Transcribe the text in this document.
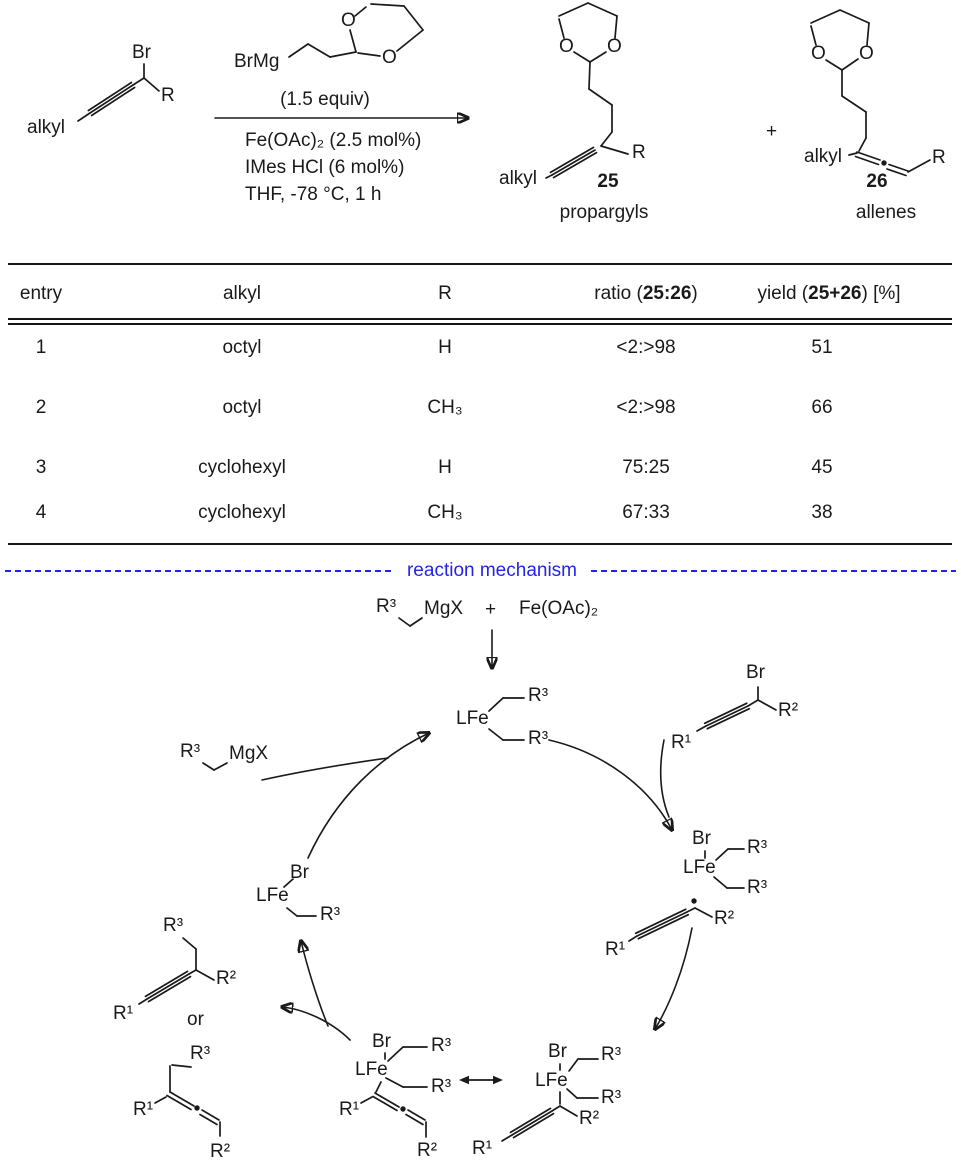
alkyl
Br
R
BrMg
O
O
(1.5 equiv)
Fe(OAc)₂ (2.5 mol%)
IMes HCl (6 mol%)
THF, -78 °C, 1 h
O O
alkyl
R
25
propargyls
+
O O
alkyl	R
26
allenes
entry	alkyl	R	ratio (25:26)	yield (25+26) [%]
1	octyl	H	<2:>98	51
2	octyl	CH₃	<2:>98	66
3	cyclohexyl	H	75:25	45
4	cyclohexyl	CH₃	67:33	38
reaction mechanism
R³ MgX + Fe(OAc)₂
LFe
R³
R³
Br
R²
R¹
Br
LFe
R³
R³
R²
R¹
Br
LFe
R³
R³
R²
R¹
Br
LFe
R³
R³
R¹
R²
LFe
Br
R³
R³ MgX
R³
R²
R¹	or
R³
R¹
R²
